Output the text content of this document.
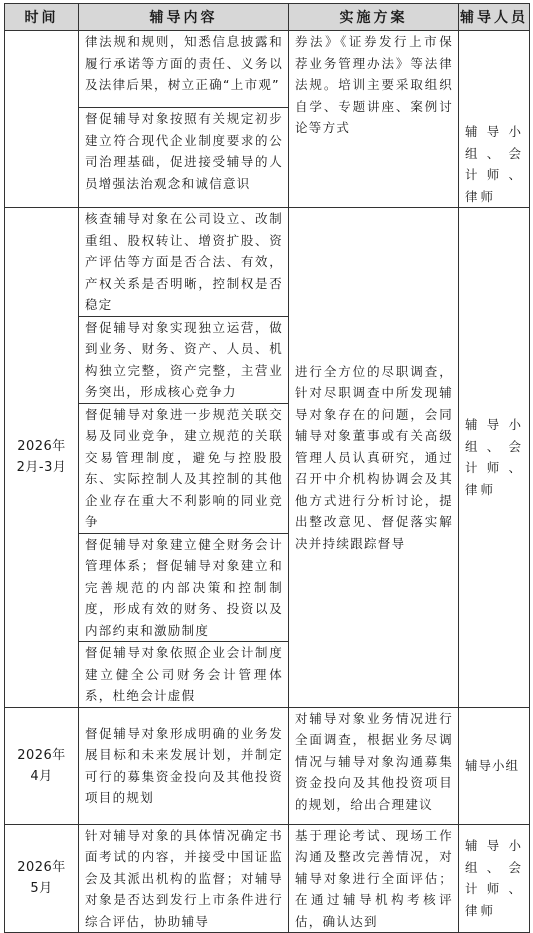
时间	辅导内容	实施方案	辅导人员
	律法规和规则，知悉信息披露和履行承诺等方面的责任、义务以及法律后果，树立正确“上市观”	券法》《证券发行上市保荐业务管理办法》等法律法规。培训主要采取组织自学、专题讲座、案例讨论等方式	辅导小组、会计师、律师

	督促辅导对象按照有关规定初步建立符合现代企业制度要求的公司治理基础，促进接受辅导的人员增强法治观念和诚信意识		

2026年
2月-3月	核查辅导对象在公司设立、改制重组、股权转让、增资扩股、资产评估等方面是否合法、有效，产权关系是否明晰，控制权是否稳定	进行全方位的尽职调查，针对尽职调查中所发现辅导对象存在的问题，会同辅导对象董事或有关高级管理人员认真研究，通过召开中介机构协调会及其他方式进行分析讨论，提出整改意见、督促落实解决并持续跟踪督导	辅导小组、会计师、律师
	督促辅导对象实现独立运营，做到业务、财务、资产、人员、机构独立完整，资产完整，主营业务突出，形成核心竞争力		
	督促辅导对象进一步规范关联交易及同业竞争，建立规范的关联交易管理制度，避免与控股股东、实际控制人及其控制的其他企业存在重大不利影响的同业竞争		
	督促辅导对象建立健全财务会计管理体系；督促辅导对象建立和完善规范的内部决策和控制制度，形成有效的财务、投资以及内部约束和激励制度		
	督促辅导对象依照企业会计制度建立健全公司财务会计管理体系，杜绝会计虚假		

2026年
4月	督促辅导对象形成明确的业务发展目标和未来发展计划，并制定可行的募集资金投向及其他投资项目的规划	对辅导对象业务情况进行全面调查，根据业务尽调情况与辅导对象沟通募集资金投向及其他投资项目的规划，给出合理建议	辅导小组

2026年
5月	针对辅导对象的具体情况确定书面考试的内容，并接受中国证监会及其派出机构的监督；对辅导对象是否达到发行上市条件进行综合评估，协助辅导	基于理论考试、现场工作沟通及整改完善情况，对辅导对象进行全面评估；在通过辅导机构考核评估，确认达到	辅导小组、会计师、律师
